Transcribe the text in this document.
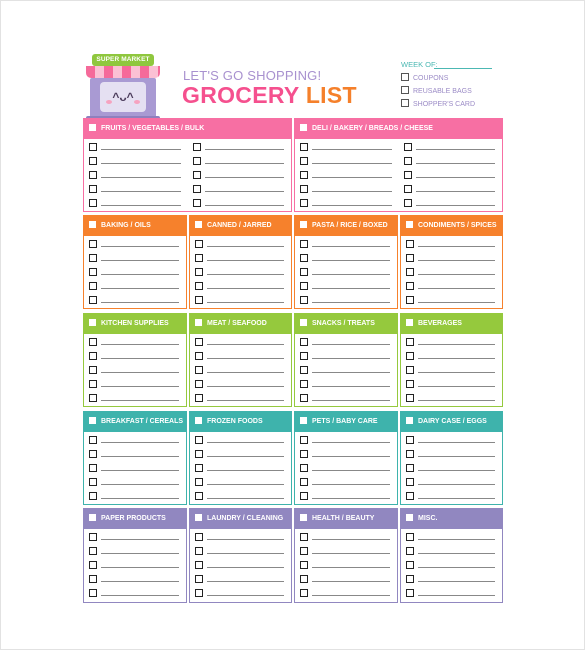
SUPER MARKET
^ᴗ^
LET'S GO SHOPPING!
GROCERY LIST
WEEK OF:
COUPONS
REUSABLE BAGS
SHOPPER'S CARD
FRUITS / VEGETABLES / BULK	DELI / BAKERY / BREADS / CHEESE
BAKING / OILS	CANNED / JARRED	PASTA / RICE / BOXED	CONDIMENTS / SPICES
KITCHEN SUPPLIES	MEAT / SEAFOOD	SNACKS / TREATS	BEVERAGES
BREAKFAST / CEREALS	FROZEN FOODS	PETS / BABY CARE	DAIRY CASE / EGGS
PAPER PRODUCTS	LAUNDRY / CLEANING	HEALTH / BEAUTY	MISC.
